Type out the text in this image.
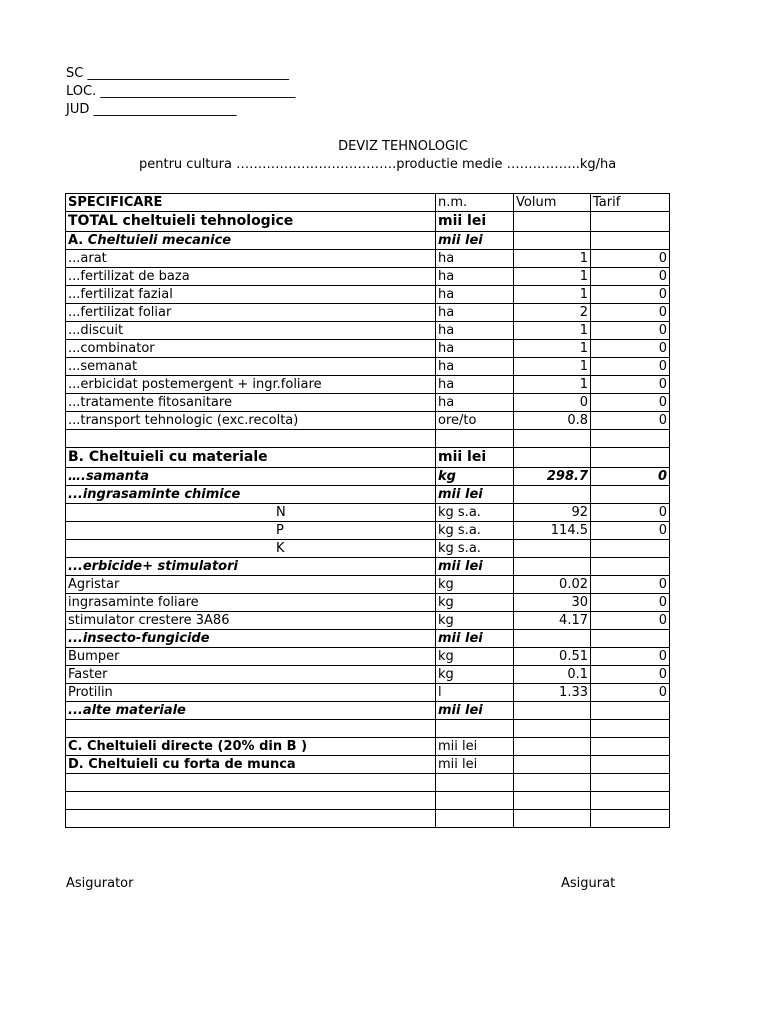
SC _______________________________
LOC. ______________________________
JUD ______________________
DEVIZ TEHNOLOGIC
pentru cultura ……………………………….productie medie ……………..kg/ha
SPECIFICARE	n.m.	Volum	Tarif
TOTAL cheltuieli tehnologice	mii lei		
A. Cheltuieli mecanice	mii lei		
...arat	ha	1	0
...fertilizat de baza	ha	1	0
...fertilizat fazial	ha	1	0
...fertilizat foliar	ha	2	0
...discuit	ha	1	0
...combinator	ha	1	0
...semanat	ha	1	0
...erbicidat postemergent + ingr.foliare	ha	1	0
...tratamente fitosanitare	ha	0	0
...transport tehnologic (exc.recolta)	ore/to	0.8	0

B. Cheltuieli cu materiale	mii lei		
….samanta	kg	298.7	0
...ingrasaminte chimice	mii lei		
N	kg s.a.	92	0
P	kg s.a.	114.5	0
K	kg s.a.		
...erbicide+ stimulatori	mii lei		
Agristar	kg	0.02	0
ingrasaminte foliare	kg	30	0
stimulator crestere 3A86	kg	4.17	0
...insecto-fungicide	mii lei		
Bumper	kg	0.51	0
Faster	kg	0.1	0
Protilin	l	1.33	0
...alte materiale	mii lei		

C. Cheltuieli directe (20% din B )	mii lei		
D. Cheltuieli cu forta de munca	mii lei		

Asigurator	Asigurat
